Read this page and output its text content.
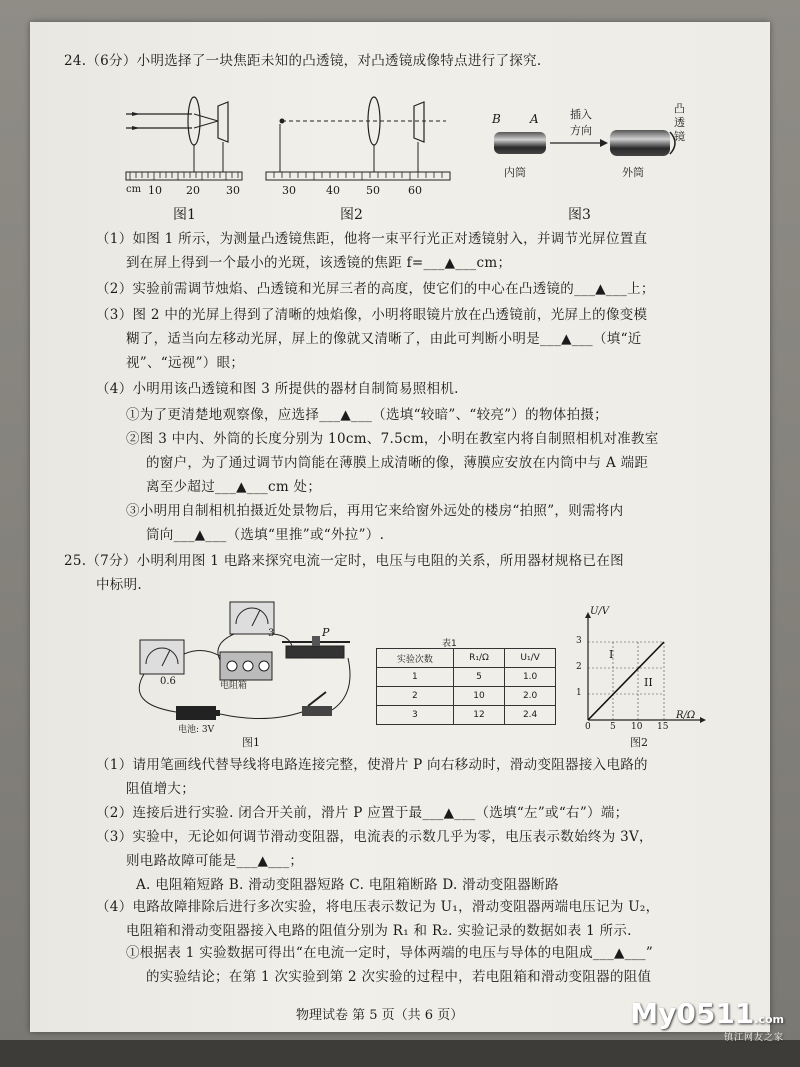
24.（6分）小明选择了一块焦距未知的凸透镜，对凸透镜成像特点进行了探究.
cm 10 20 30
图1
30	40 50	60
图2
B A	插入
方向
凸透镜
内筒	外筒
图3
（1）如图 1 所示，为测量凸透镜焦距，他将一束平行光正对透镜射入，并调节光屏位置直
到在屏上得到一个最小的光斑，该透镜的焦距 f=___▲___cm；
（2）实验前需调节烛焰、凸透镜和光屏三者的高度，使它们的中心在凸透镜的___▲___上；
（3）图 2 中的光屏上得到了清晰的烛焰像，小明将眼镜片放在凸透镜前，光屏上的像变模
糊了，适当向左移动光屏，屏上的像就又清晰了，由此可判断小明是___▲___（填“近
视”、“远视”）眼；
（4）小明用该凸透镜和图 3 所提供的器材自制简易照相机.
①为了更清楚地观察像，应选择___▲___（选填“较暗”、“较亮”）的物体拍摄；
②图 3 中内、外筒的长度分别为 10cm、7.5cm，小明在教室内将自制照相机对准教室
的窗户，为了通过调节内筒能在薄膜上成清晰的像，薄膜应安放在内筒中与 A 端距
离至少超过___▲___cm 处；
③小明用自制相机拍摄近处景物后，再用它来给窗外远处的楼房“拍照”，则需将内
筒向___▲___（选填“里推”或“外拉”）.
25.（7分）小明利用图 1 电路来探究电流一定时，电压与电阻的关系，所用器材规格已在图
中标明.
P
3
0.6	电阻箱
电池: 3V
图1
表1
实验次数	R₁/Ω	U₁/V
1	5	1.0
2	10	2.0
3	12	2.4
U/V
R/Ω
1
2
3
0 5 10 15
I
II
图2
（1）请用笔画线代替导线将电路连接完整，使滑片 P 向右移动时，滑动变阻器接入电路的
阻值增大；
（2）连接后进行实验. 闭合开关前，滑片 P 应置于最___▲___（选填“左”或“右”）端；
（3）实验中，无论如何调节滑动变阻器，电流表的示数几乎为零，电压表示数始终为 3V，
则电路故障可能是___▲___；
A. 电阻箱短路 B. 滑动变阻器短路 C. 电阻箱断路 D. 滑动变阻器断路
（4）电路故障排除后进行多次实验，将电压表示数记为 U₁，滑动变阻器两端电压记为 U₂，
电阻箱和滑动变阻器接入电路的阻值分别为 R₁ 和 R₂. 实验记录的数据如表 1 所示.
①根据表 1 实验数据可得出“在电流一定时，导体两端的电压与导体的电阻成___▲___”
的实验结论；在第 1 次实验到第 2 次实验的过程中，若电阻箱和滑动变阻器的阻值
物理试卷 第 5 页（共 6 页）	My0511.com
镇江网友之家
